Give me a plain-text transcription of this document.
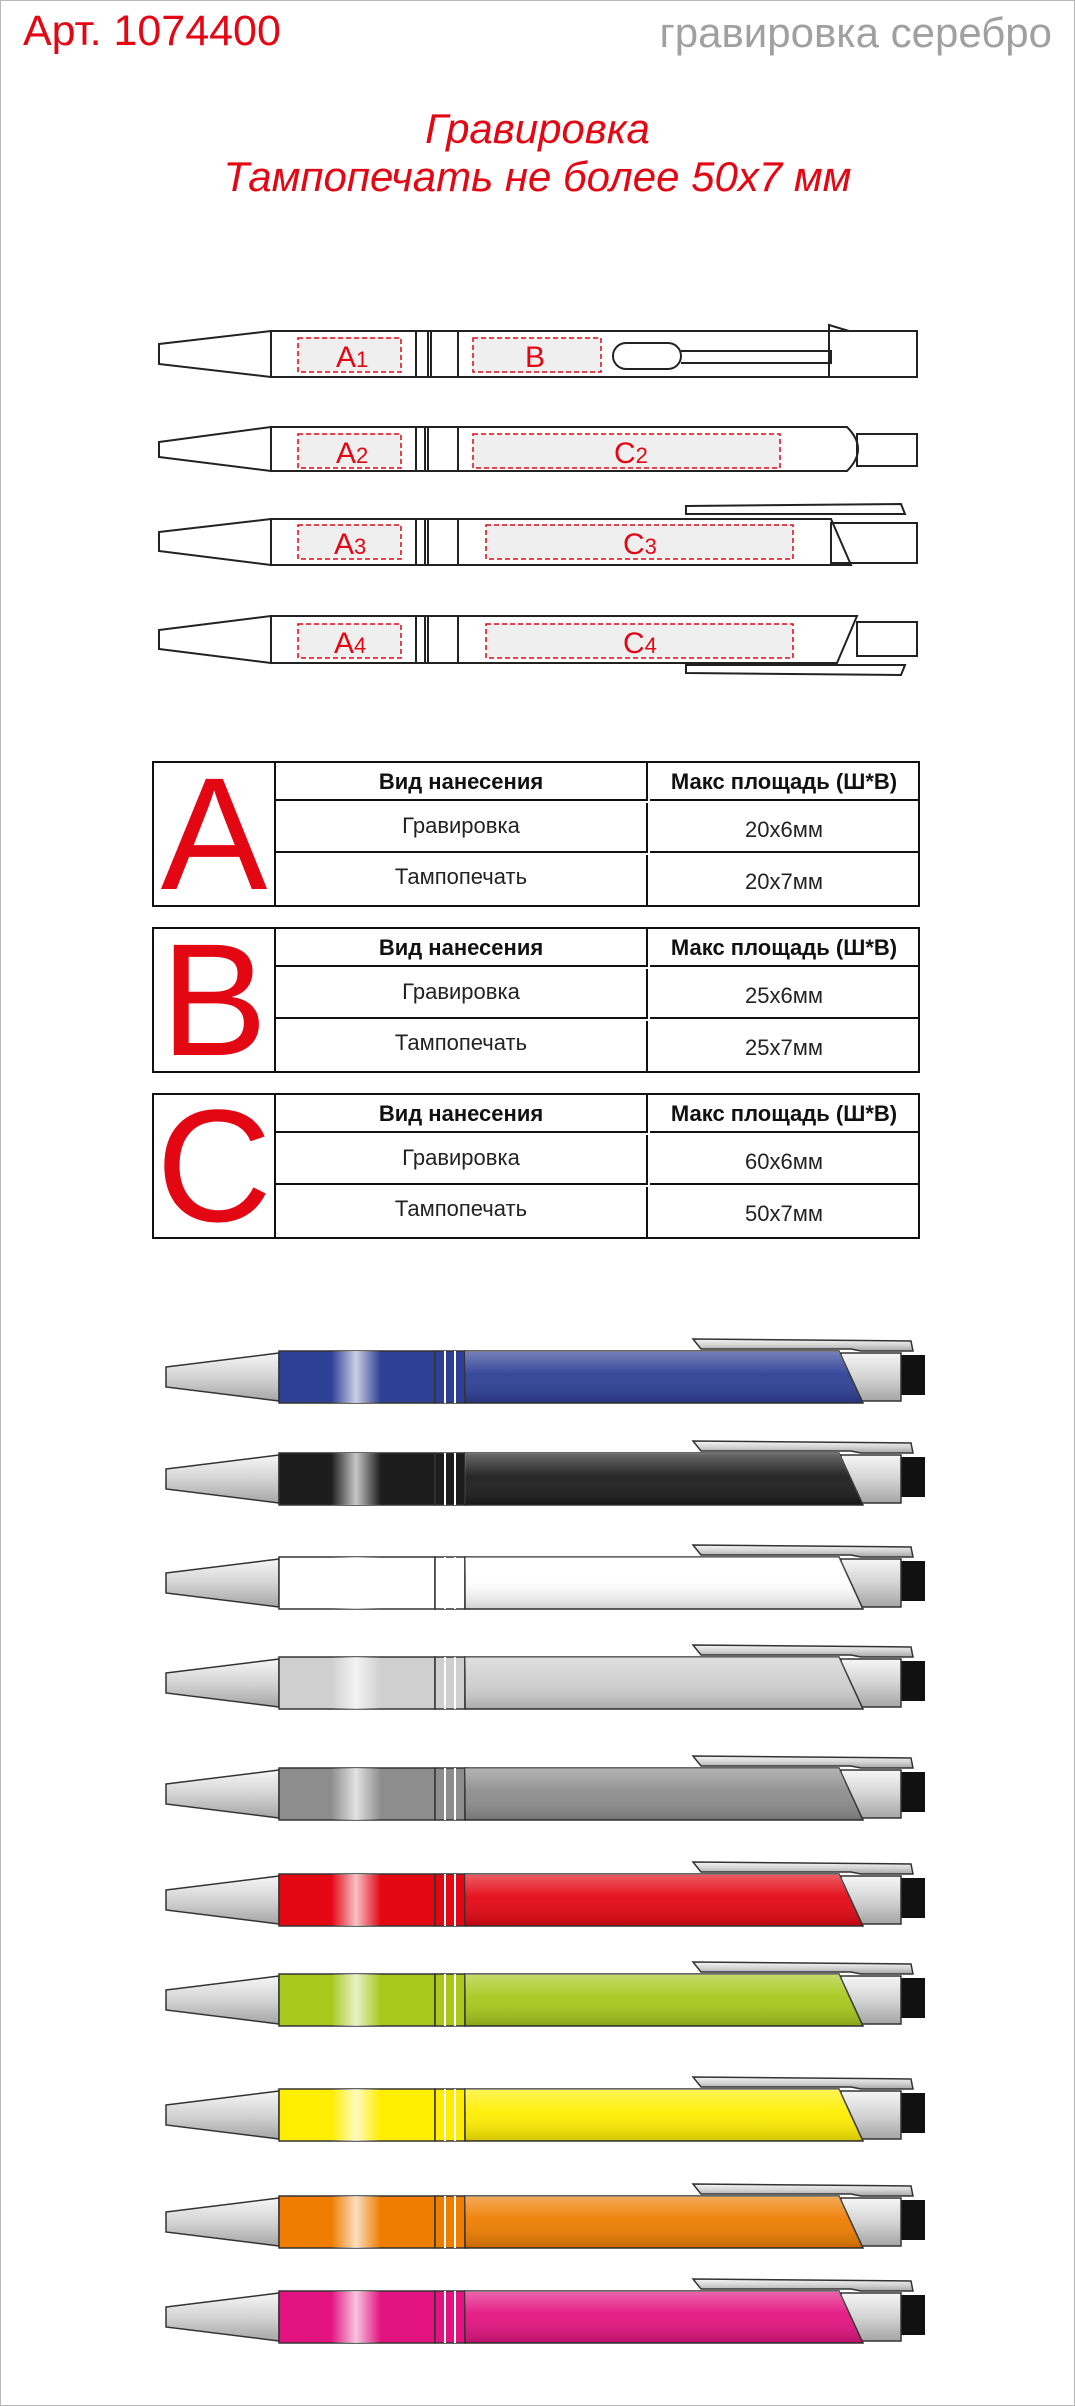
Арт. 1074400	гравировка серебро
Гравировка
Тампопечать не более 50x7 мм
A1	B
A2	C2
A3	C3
A4	C4
A	Вид нанесения	Макс площадь (Ш*В)
Гравировка	20x6мм
Тампопечать	20x7мм
B	Вид нанесения	Макс площадь (Ш*В)
Гравировка	25x6мм
Тампопечать	25x7мм
C	Вид нанесения	Макс площадь (Ш*В)
Гравировка	60x6мм
Тампопечать	50x7мм
